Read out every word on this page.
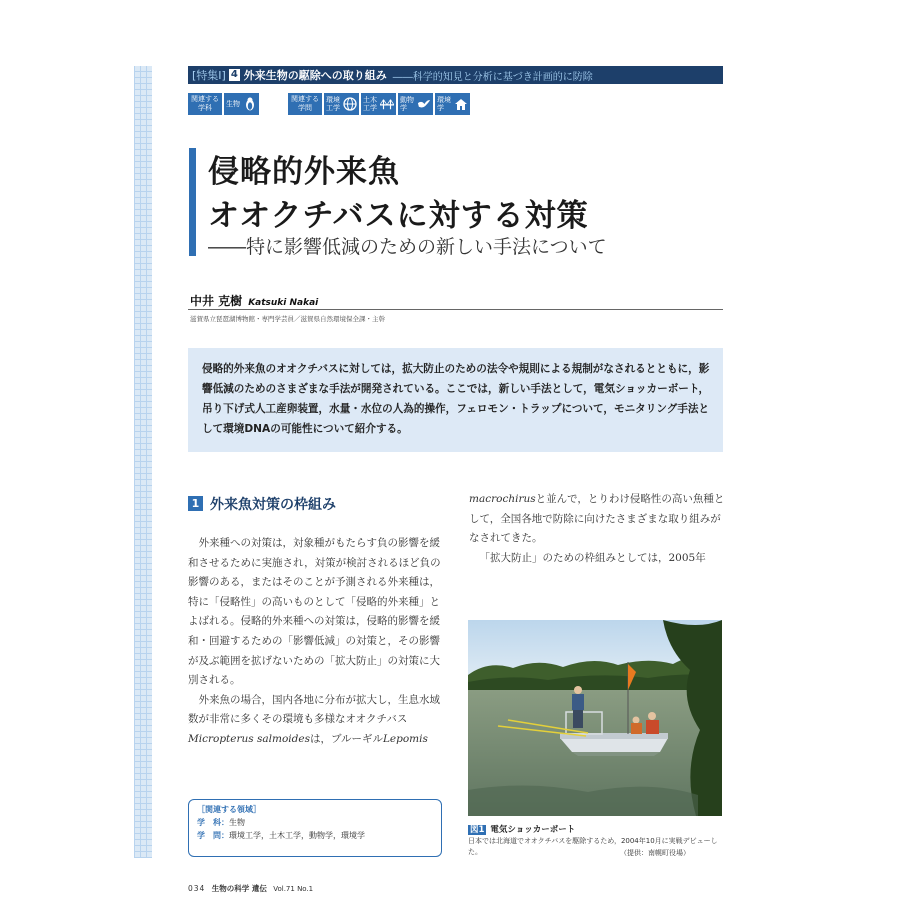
[特集Ⅰ] 4 外来生物の駆除への取り組み ――科学的知見と分析に基づき計画的に防除
関連する学科	生物
関連する学問
環境工学
土木工学
動物学
環境学
侵略的外来魚
オオクチバスに対する対策
――特に影響低減のための新しい手法について
中井 克樹 Katsuki Nakai
滋賀県立琵琶湖博物館・専門学芸員／滋賀県自然環境保全課・主幹
侵略的外来魚のオオクチバスに対しては，拡大防止のための法令や規則による規制がなされるとともに，影響低減のためのさまざまな手法が開発されている。ここでは，新しい手法として，電気ショッカーボート，吊り下げ式人工産卵装置，水量・水位の人為的操作，フェロモン・トラップについて，モニタリング手法として環境DNAの可能性について紹介する。
1 外来魚対策の枠組み

外来種への対策は，対象種がもたらす負の影響を緩和させるために実施され，対策が検討されるほど負の影響のある，またはそのことが予測される外来種は，特に「侵略性」の高いものとして「侵略的外来種」とよばれる。侵略的外来種への対策は，侵略的影響を緩和・回避するための「影響低減」の対策と，その影響が及ぶ範囲を拡げないための「拡大防止」の対策に大別される。

外来魚の場合，国内各地に分布が拡大し，生息水域数が非常に多くその環境も多様なオオクチバスMicropterus salmoidesは，ブルーギルLepomis

macrochirusと並んで，とりわけ侵略性の高い魚種として，全国各地で防除に向けたさまざまな取り組みがなされてきた。

「拡大防止」のための枠組みとしては，2005年

［関連する領域］
学　科：生物
学　問：環境工学，土木工学，動物学，環境学
図1 電気ショッカーボート
日本では北海道でオオクチバスを駆除するため，2004年10月に実戦デビューした。	（提供：南幌町役場）
034 生物の科学 遺伝 Vol.71 No.1
